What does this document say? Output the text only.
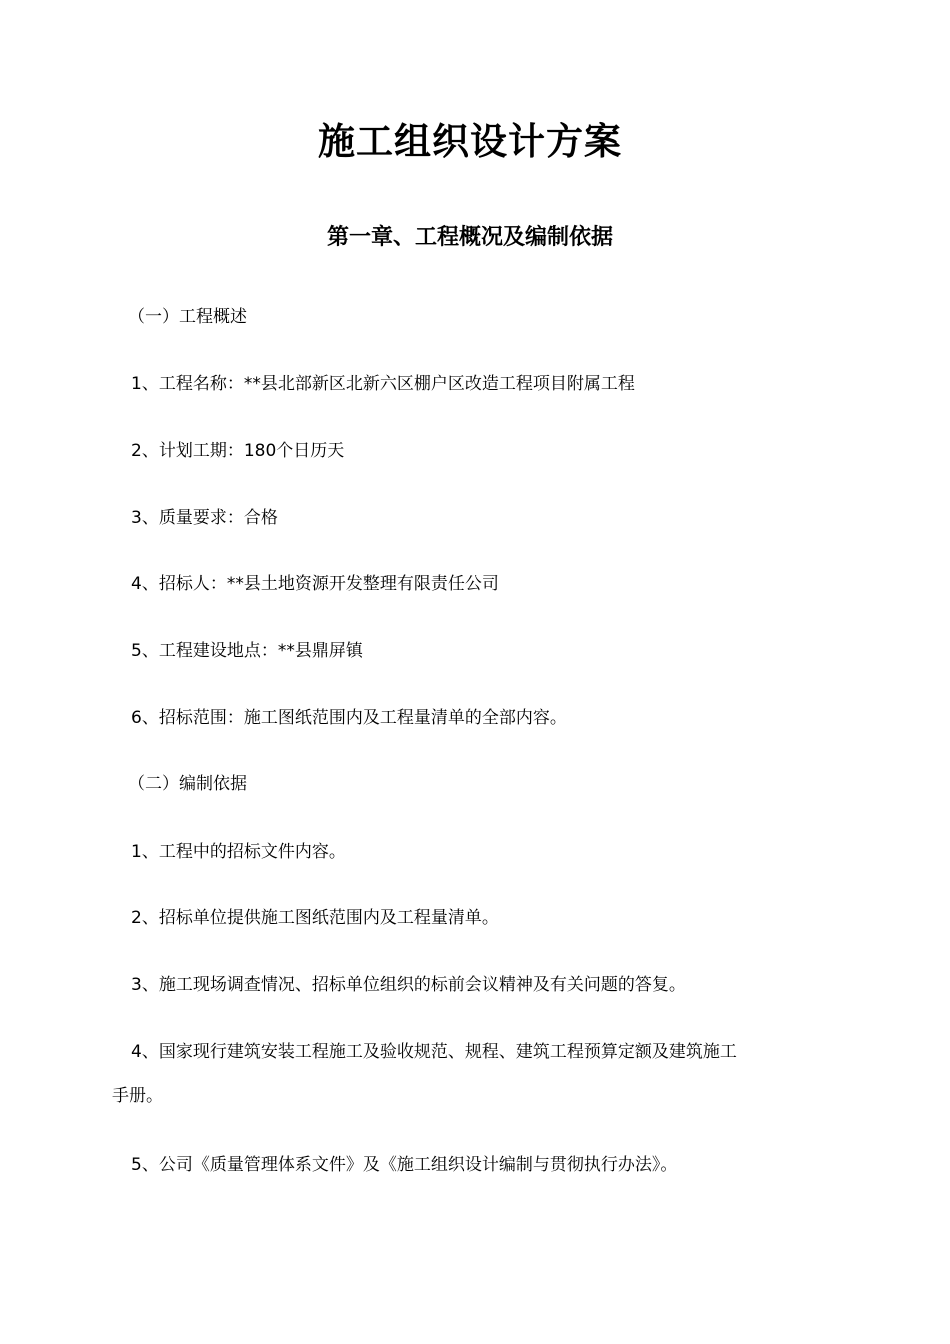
施工组织设计方案
第一章、工程概况及编制依据

（一）工程概述

1、工程名称：**县北部新区北新六区棚户区改造工程项目附属工程

2、计划工期：180个日历天

3、质量要求：合格

4、招标人：**县土地资源开发整理有限责任公司

5、工程建设地点：**县鼎屏镇

6、招标范围：施工图纸范围内及工程量清单的全部内容。

（二）编制依据

1、工程中的招标文件内容。

2、招标单位提供施工图纸范围内及工程量清单。

3、施工现场调查情况、招标单位组织的标前会议精神及有关问题的答复。

4、国家现行建筑安装工程施工及验收规范、规程、建筑工程预算定额及建筑施工

手册。

5、公司《质量管理体系文件》及《施工组织设计编制与贯彻执行办法》。
